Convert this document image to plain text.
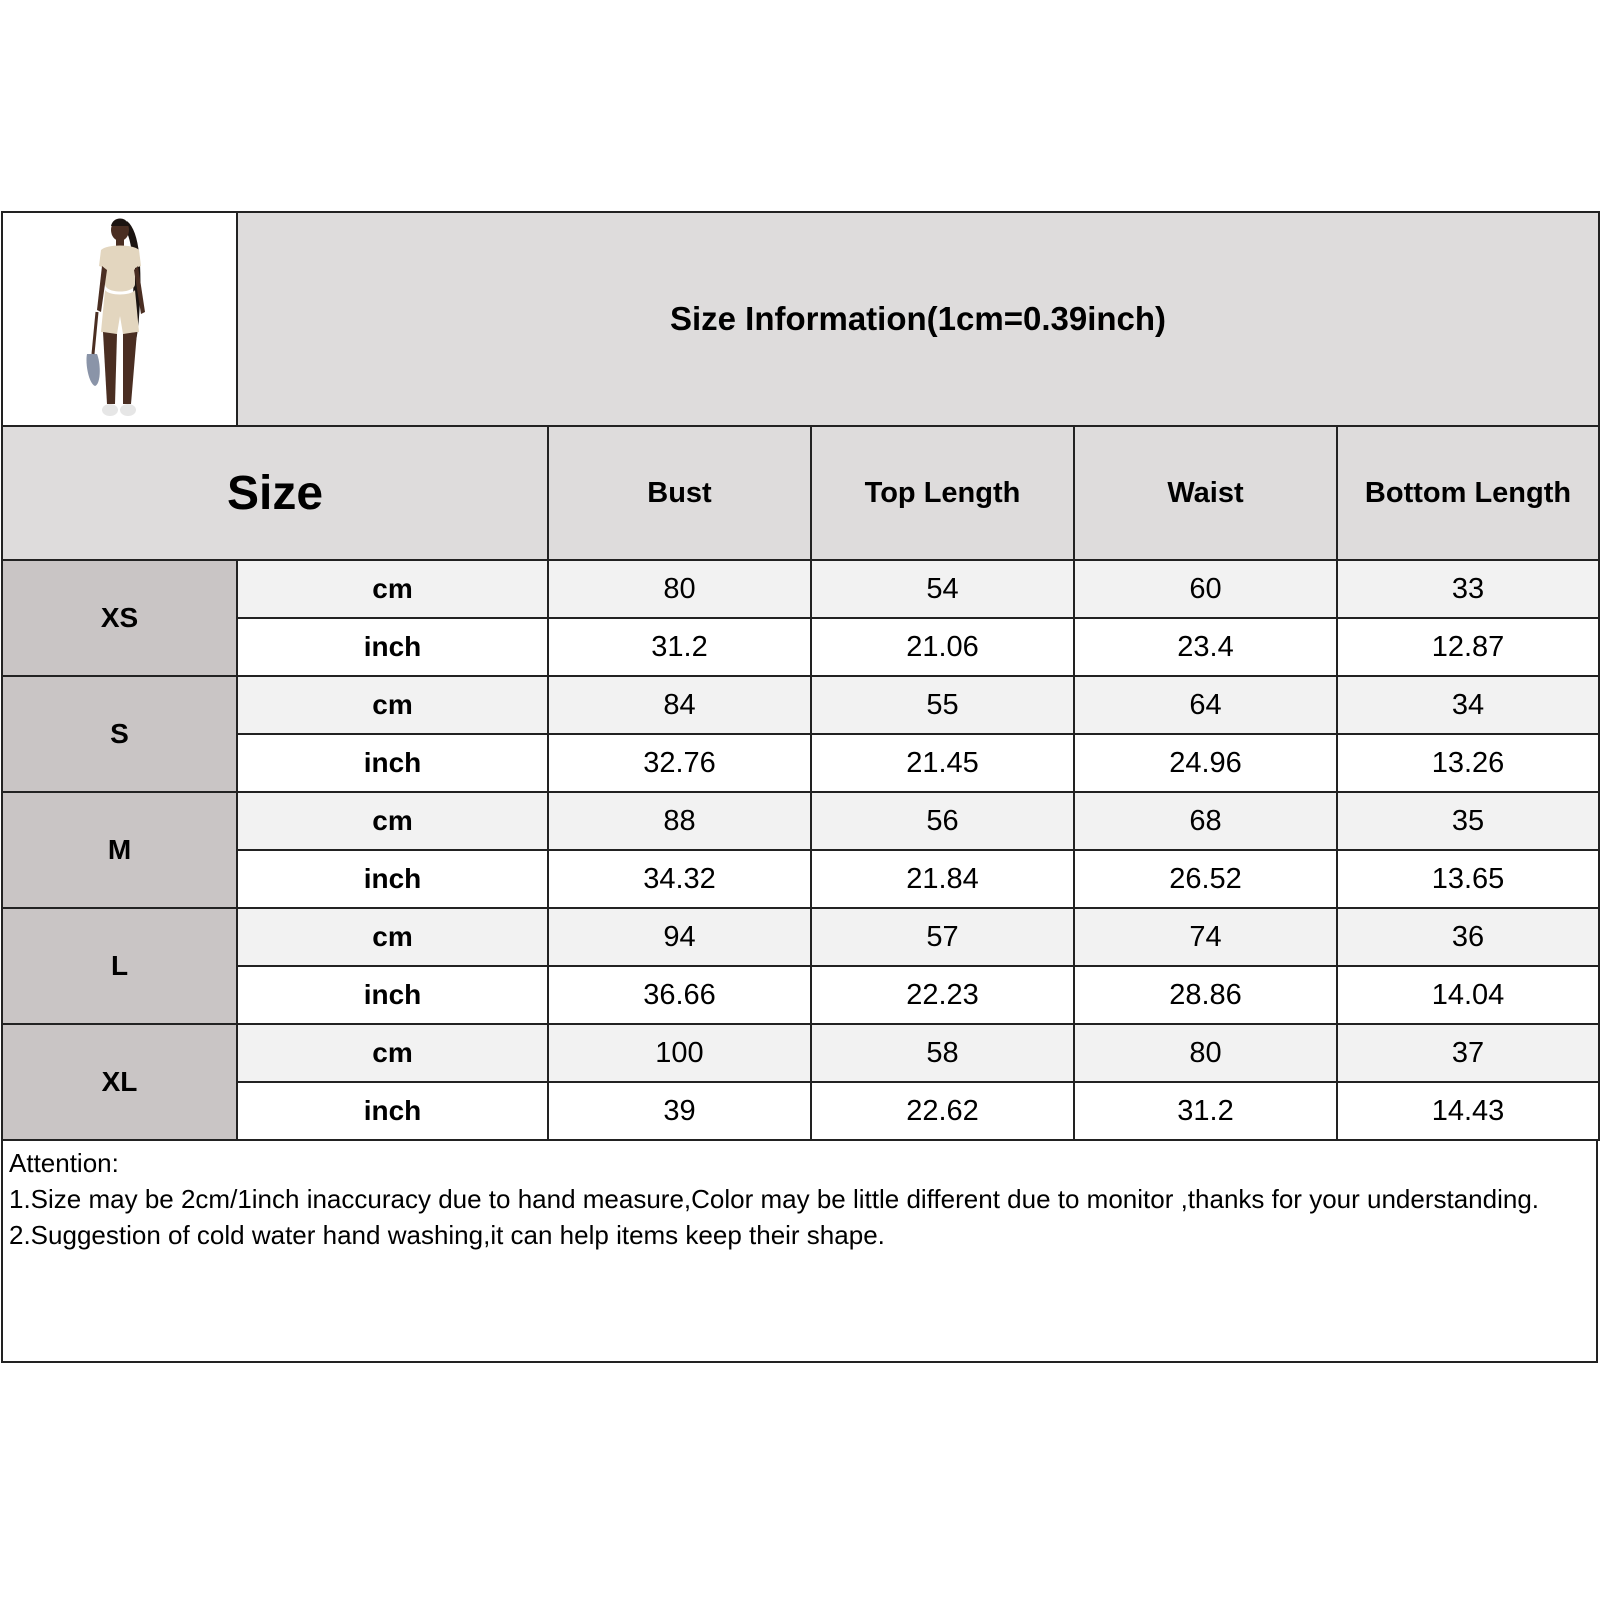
	Size Information(1cm=0.39inch)				
Size		Bust	Top Length	Waist	Bottom Length
XS	cm	80	54	60	33
	inch	31.2	21.06	23.4	12.87
S	cm	84	55	64	34
	inch	32.76	21.45	24.96	13.26
M	cm	88	56	68	35
	inch	34.32	21.84	26.52	13.65
L	cm	94	57	74	36
	inch	36.66	22.23	28.86	14.04
XL	cm	100	58	80	37
	inch	39	22.62	31.2	14.43

Attention:

1.Size may be 2cm/1inch inaccuracy due to hand measure,Color may be little different due to monitor ,thanks for your understanding.

2.Suggestion of cold water hand washing,it can help items keep their shape.
